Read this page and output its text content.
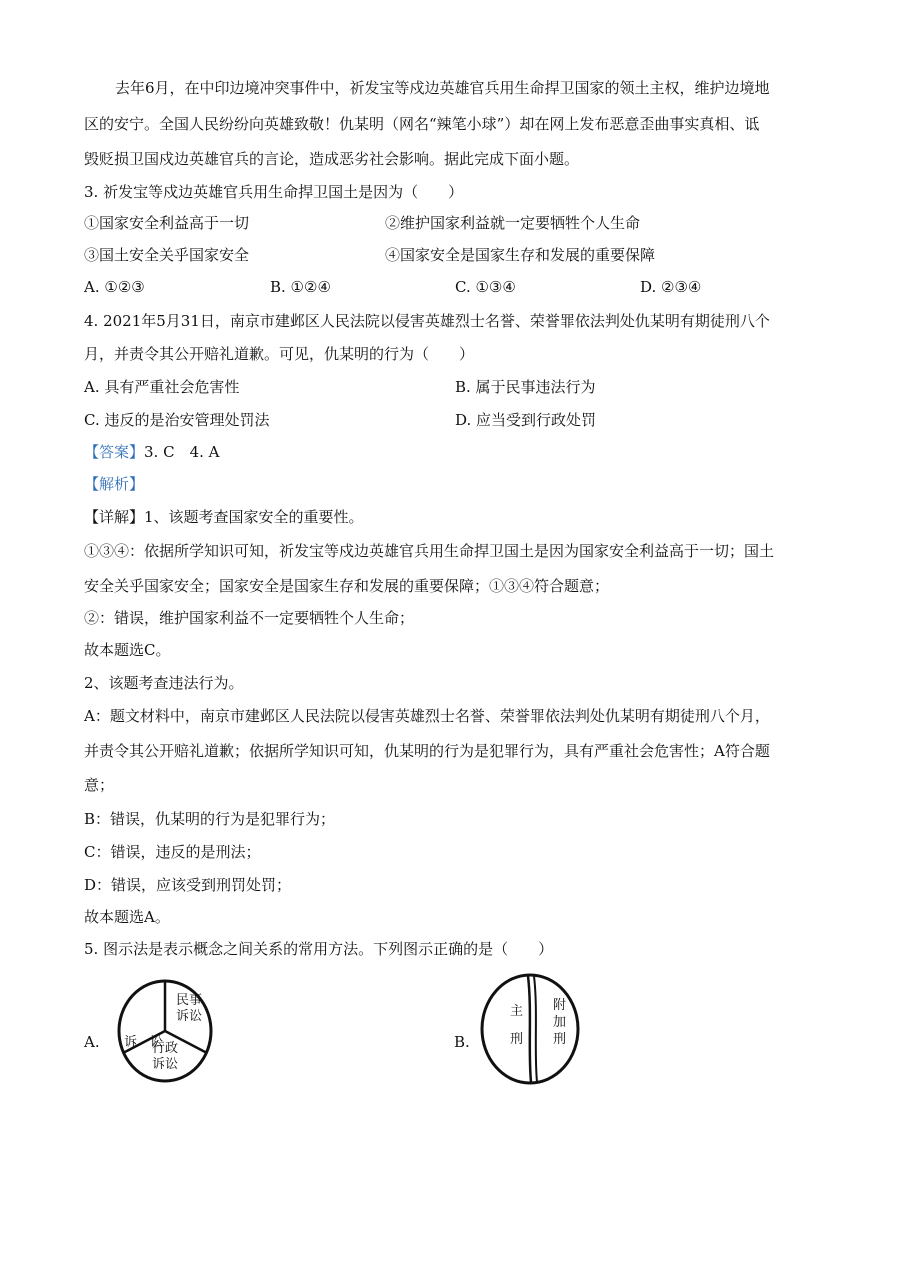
去年6月，在中印边境冲突事件中，祈发宝等戍边英雄官兵用生命捍卫国家的领土主权，维护边境地
区的安宁。全国人民纷纷向英雄致敬！仇某明（网名“辣笔小球”）却在网上发布恶意歪曲事实真相、诋
毁贬损卫国戍边英雄官兵的言论，造成恶劣社会影响。据此完成下面小题。
3. 祈发宝等戍边英雄官兵用生命捍卫国土是因为（　　）
①国家安全利益高于一切	②维护国家利益就一定要牺牲个人生命
③国土安全关乎国家安全	④国家安全是国家生存和发展的重要保障
A. ①②③	B. ①②④	C. ①③④	D. ②③④
4. 2021年5月31日，南京市建邺区人民法院以侵害英雄烈士名誉、荣誉罪依法判处仇某明有期徒刑八个
月，并责令其公开赔礼道歉。可见，仇某明的行为（　　）
A. 具有严重社会危害性	B. 属于民事违法行为
C. 违反的是治安管理处罚法	D. 应当受到行政处罚
【答案】3. C　4. A
【解析】
【详解】1、该题考查国家安全的重要性。
①③④：依据所学知识可知，祈发宝等戍边英雄官兵用生命捍卫国土是因为国家安全利益高于一切；国土
安全关乎国家安全；国家安全是国家生存和发展的重要保障；①③④符合题意；
②：错误，维护国家利益不一定要牺牲个人生命；
故本题选C。
2、该题考查违法行为。
A：题文材料中，南京市建邺区人民法院以侵害英雄烈士名誉、荣誉罪依法判处仇某明有期徒刑八个月，
并责令其公开赔礼道歉；依据所学知识可知，仇某明的行为是犯罪行为，具有严重社会危害性；A符合题
意；
B：错误，仇某明的行为是犯罪行为；
C：错误，违反的是刑法；
D：错误，应该受到刑罚处罚；
故本题选A。
5. 图示法是表示概念之间关系的常用方法。下列图示正确的是（　　）
A. 诉　讼
民事
诉讼
行政
诉讼
B.
主

刑
附
加
刑
